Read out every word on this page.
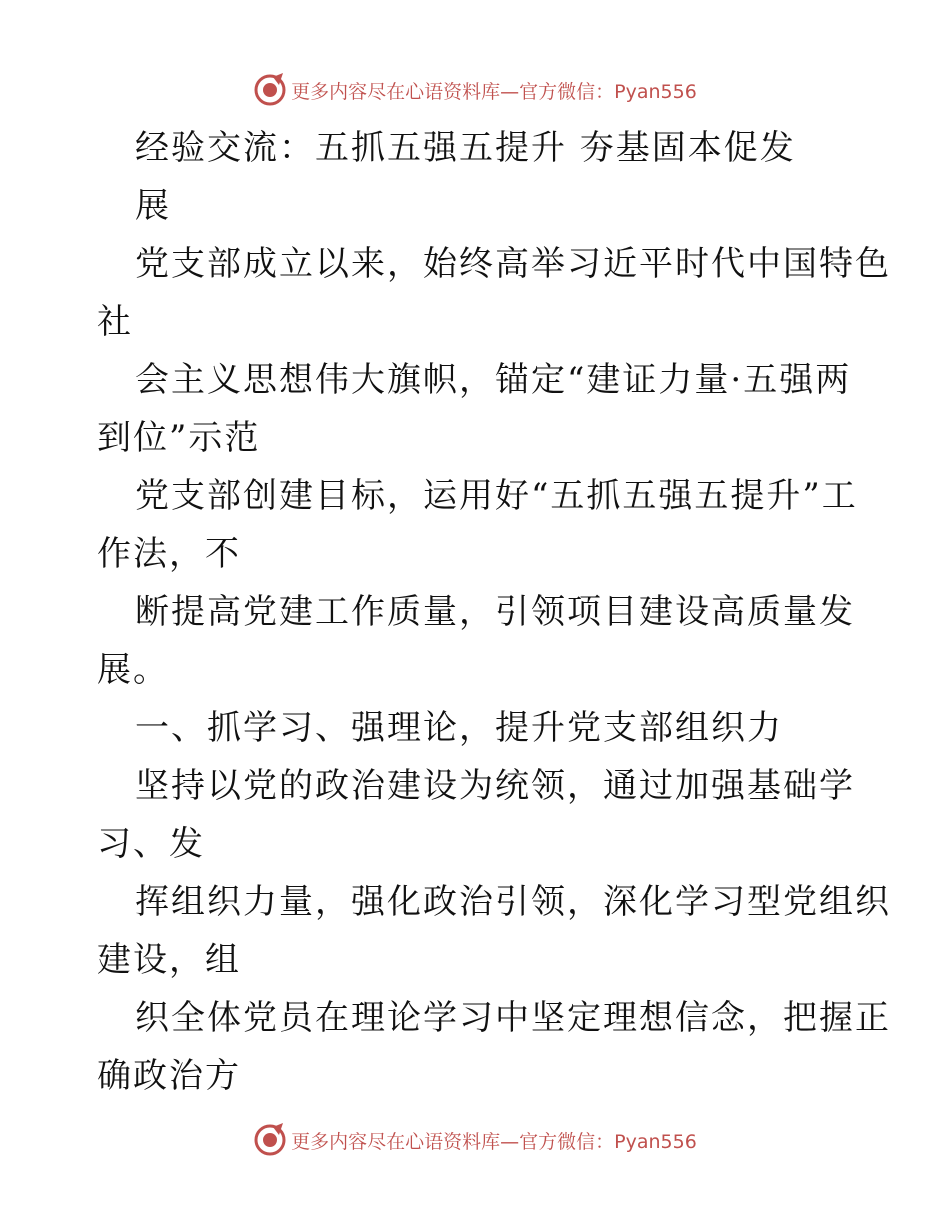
更多内容尽在心语资料库—官方微信：Pyan556
经验交流：五抓五强五提升 夯基固本促发
展
党支部成立以来，始终高举习近平时代中国特色
社
会主义思想伟大旗帜，锚定“建证力量·五强两
到位”示范
党支部创建目标，运用好“五抓五强五提升”工
作法，不
断提高党建工作质量，引领项目建设高质量发
展。
一、抓学习、强理论，提升党支部组织力
坚持以党的政治建设为统领，通过加强基础学
习、发
挥组织力量，强化政治引领，深化学习型党组织
建设，组
织全体党员在理论学习中坚定理想信念，把握正
确政治方
更多内容尽在心语资料库—官方微信：Pyan556
